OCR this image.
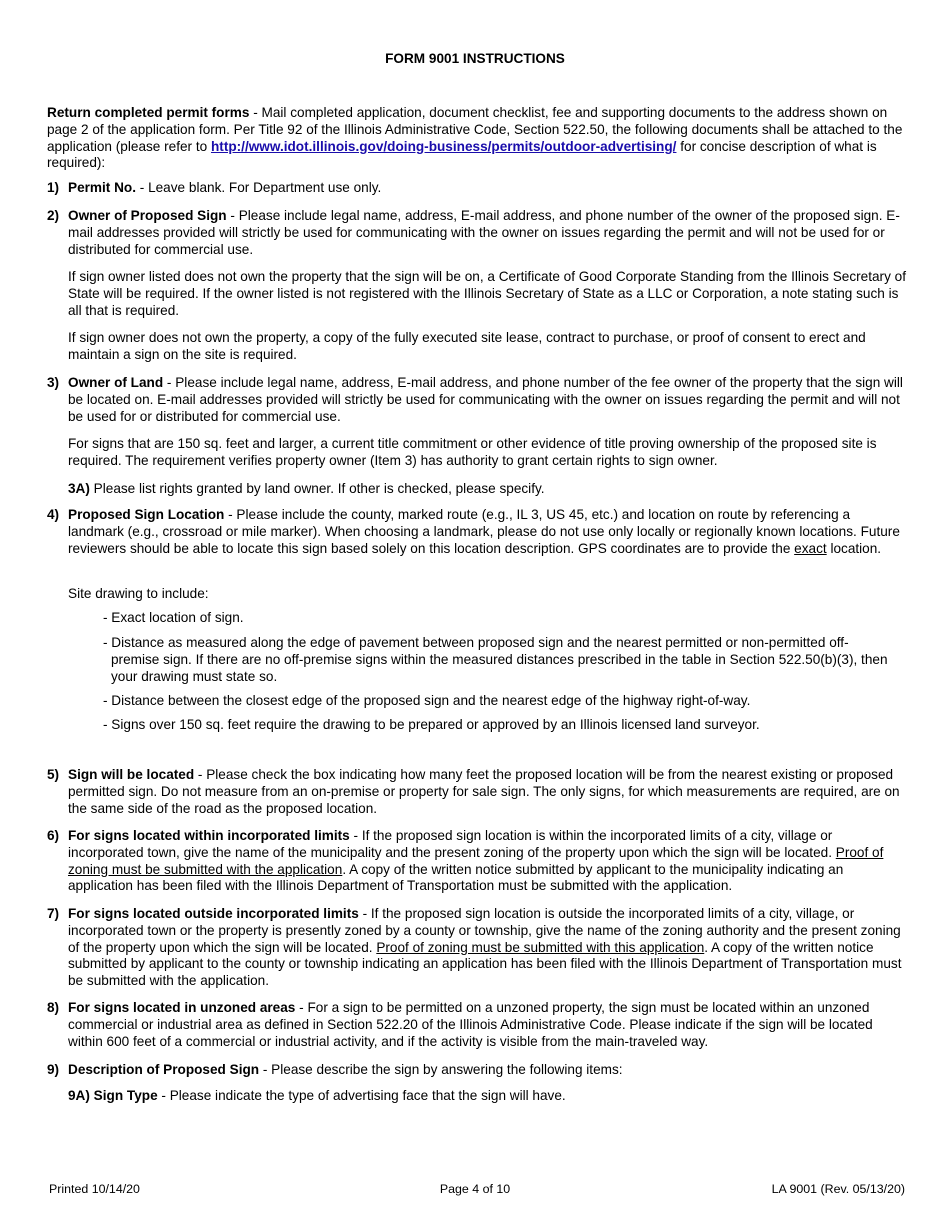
FORM 9001 INSTRUCTIONS
Return completed permit forms - Mail completed application, document checklist, fee and supporting documents to the address shown on page 2 of the application form. Per Title 92 of the Illinois Administrative Code, Section 522.50, the following documents shall be attached to the application (please refer to http://www.idot.illinois.gov/doing-business/permits/outdoor-advertising/ for concise description of what is required):
1) Permit No. - Leave blank. For Department use only.
2) Owner of Proposed Sign - Please include legal name, address, E-mail address, and phone number of the owner of the proposed sign. E-mail addresses provided will strictly be used for communicating with the owner on issues regarding the permit and will not be used for or distributed for commercial use.
If sign owner listed does not own the property that the sign will be on, a Certificate of Good Corporate Standing from the Illinois Secretary of State will be required. If the owner listed is not registered with the Illinois Secretary of State as a LLC or Corporation, a note stating such is all that is required.
If sign owner does not own the property, a copy of the fully executed site lease, contract to purchase, or proof of consent to erect and maintain a sign on the site is required.
3) Owner of Land - Please include legal name, address, E-mail address, and phone number of the fee owner of the property that the sign will be located on. E-mail addresses provided will strictly be used for communicating with the owner on issues regarding the permit and will not be used for or distributed for commercial use.
For signs that are 150 sq. feet and larger, a current title commitment or other evidence of title proving ownership of the proposed site is required. The requirement verifies property owner (Item 3) has authority to grant certain rights to sign owner.
3A) Please list rights granted by land owner. If other is checked, please specify.
4) Proposed Sign Location - Please include the county, marked route (e.g., IL 3, US 45, etc.) and location on route by referencing a landmark (e.g., crossroad or mile marker). When choosing a landmark, please do not use only locally or regionally known locations. Future reviewers should be able to locate this sign based solely on this location description. GPS coordinates are to provide the exact location.
Site drawing to include:
- Exact location of sign.
- Distance as measured along the edge of pavement between proposed sign and the nearest permitted or non-permitted off-premise sign. If there are no off-premise signs within the measured distances prescribed in the table in Section 522.50(b)(3), then your drawing must state so.
- Distance between the closest edge of the proposed sign and the nearest edge of the highway right-of-way.
- Signs over 150 sq. feet require the drawing to be prepared or approved by an Illinois licensed land surveyor.
5) Sign will be located - Please check the box indicating how many feet the proposed location will be from the nearest existing or proposed permitted sign. Do not measure from an on-premise or property for sale sign. The only signs, for which measurements are required, are on the same side of the road as the proposed location.
6) For signs located within incorporated limits - If the proposed sign location is within the incorporated limits of a city, village or incorporated town, give the name of the municipality and the present zoning of the property upon which the sign will be located. Proof of zoning must be submitted with the application. A copy of the written notice submitted by applicant to the municipality indicating an application has been filed with the Illinois Department of Transportation must be submitted with the application.
7) For signs located outside incorporated limits - If the proposed sign location is outside the incorporated limits of a city, village, or incorporated town or the property is presently zoned by a county or township, give the name of the zoning authority and the present zoning of the property upon which the sign will be located. Proof of zoning must be submitted with this application. A copy of the written notice submitted by applicant to the county or township indicating an application has been filed with the Illinois Department of Transportation must be submitted with the application.
8) For signs located in unzoned areas - For a sign to be permitted on a unzoned property, the sign must be located within an unzoned commercial or industrial area as defined in Section 522.20 of the Illinois Administrative Code. Please indicate if the sign will be located within 600 feet of a commercial or industrial activity, and if the activity is visible from the main-traveled way.
9) Description of Proposed Sign - Please describe the sign by answering the following items:
9A) Sign Type - Please indicate the type of advertising face that the sign will have.
Printed 10/14/20	Page 4 of 10	LA 9001 (Rev. 05/13/20)
